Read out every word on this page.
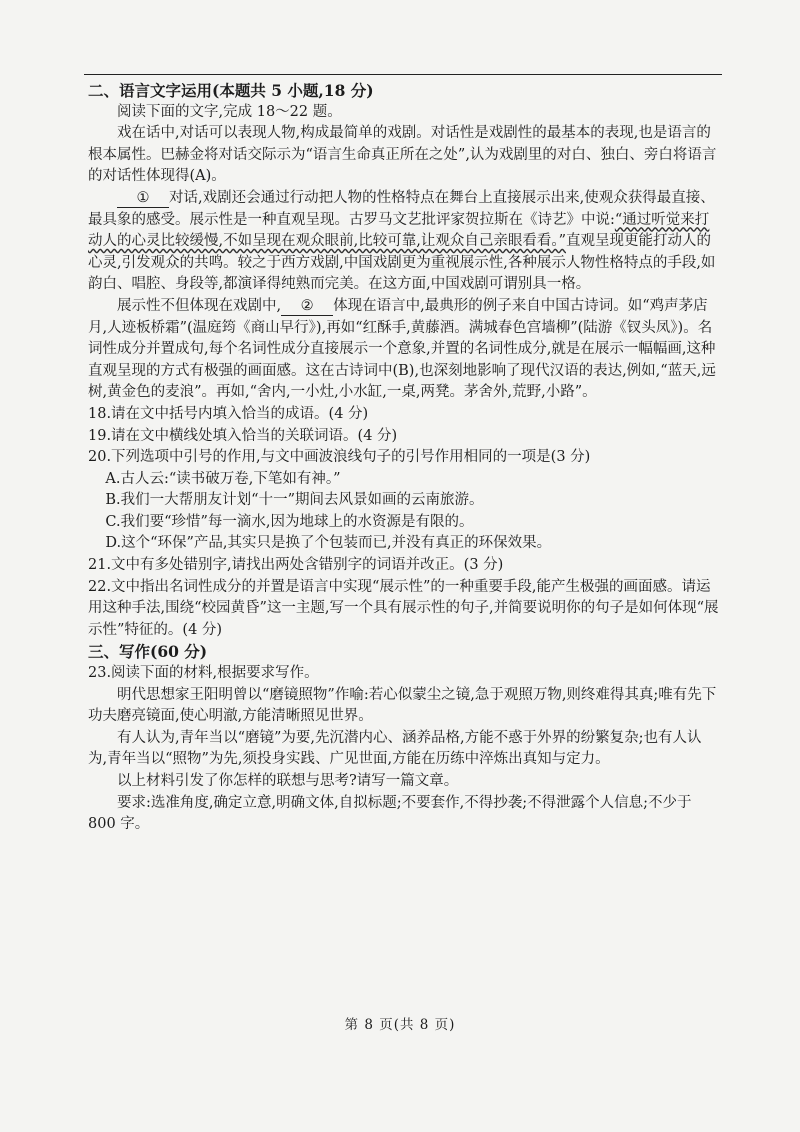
二、语言文字运用(本题共 5 小题,18 分)

阅读下面的文字,完成 18～22 题。

戏在话中,对话可以表现人物,构成最简单的戏剧。对话性是戏剧性的最基本的表现,也是语言的根本属性。巴赫金将对话交际示为“语言生命真正所在之处”,认为戏剧里的对白、独白、旁白将语言的对话性体现得(A)。

① 对话,戏剧还会通过行动把人物的性格特点在舞台上直接展示出来,使观众获得最直接、最具象的感受。展示性是一种直观呈现。古罗马文艺批评家贺拉斯在《诗艺》中说:“通过听觉来打动人的心灵比较缓慢,不如呈现在观众眼前,比较可靠,让观众自己亲眼看看。”直观呈现更能打动人的心灵,引发观众的共鸣。较之于西方戏剧,中国戏剧更为重视展示性,各种展示人物性格特点的手段,如韵白、唱腔、身段等,都演译得纯熟而完美。在这方面,中国戏剧可谓别具一格。

展示性不但体现在戏剧中, ② 体现在语言中,最典形的例子来自中国古诗词。如“鸡声茅店月,人迹板桥霜”(温庭筠《商山早行》),再如“红酥手,黄藤酒。满城春色宫墙柳”(陆游《钗头凤》)。名词性成分并置成句,每个名词性成分直接展示一个意象,并置的名词性成分,就是在展示一幅幅画,这种直观呈现的方式有极强的画面感。这在古诗词中(B),也深刻地影响了现代汉语的表达,例如,“蓝天,远树,黄金色的麦浪”。再如,“舍内,一小灶,小水缸,一桌,两凳。茅舍外,荒野,小路”。

18.请在文中括号内填入恰当的成语。(4 分)

19.请在文中横线处填入恰当的关联词语。(4 分)

20.下列选项中引号的作用,与文中画波浪线句子的引号作用相同的一项是(3 分)

A.古人云:“读书破万卷,下笔如有神。”

B.我们一大帮朋友计划“十一”期间去风景如画的云南旅游。

C.我们要“珍惜”每一滴水,因为地球上的水资源是有限的。

D.这个“环保”产品,其实只是换了个包装而已,并没有真正的环保效果。

21.文中有多处错别字,请找出两处含错别字的词语并改正。(3 分)

22.文中指出名词性成分的并置是语言中实现“展示性”的一种重要手段,能产生极强的画面感。请运用这种手法,围绕“校园黄昏”这一主题,写一个具有展示性的句子,并简要说明你的句子是如何体现“展示性”特征的。(4 分)

三、写作(60 分)

23.阅读下面的材料,根据要求写作。

明代思想家王阳明曾以“磨镜照物”作喻:若心似蒙尘之镜,急于观照万物,则终难得其真;唯有先下功夫磨亮镜面,使心明澈,方能清晰照见世界。

有人认为,青年当以“磨镜”为要,先沉潜内心、涵养品格,方能不惑于外界的纷繁复杂;也有人认为,青年当以“照物”为先,须投身实践、广见世面,方能在历练中淬炼出真知与定力。

以上材料引发了你怎样的联想与思考?请写一篇文章。

要求:选准角度,确定立意,明确文体,自拟标题;不要套作,不得抄袭;不得泄露个人信息;不少于 800 字。

第 8 页(共 8 页)
